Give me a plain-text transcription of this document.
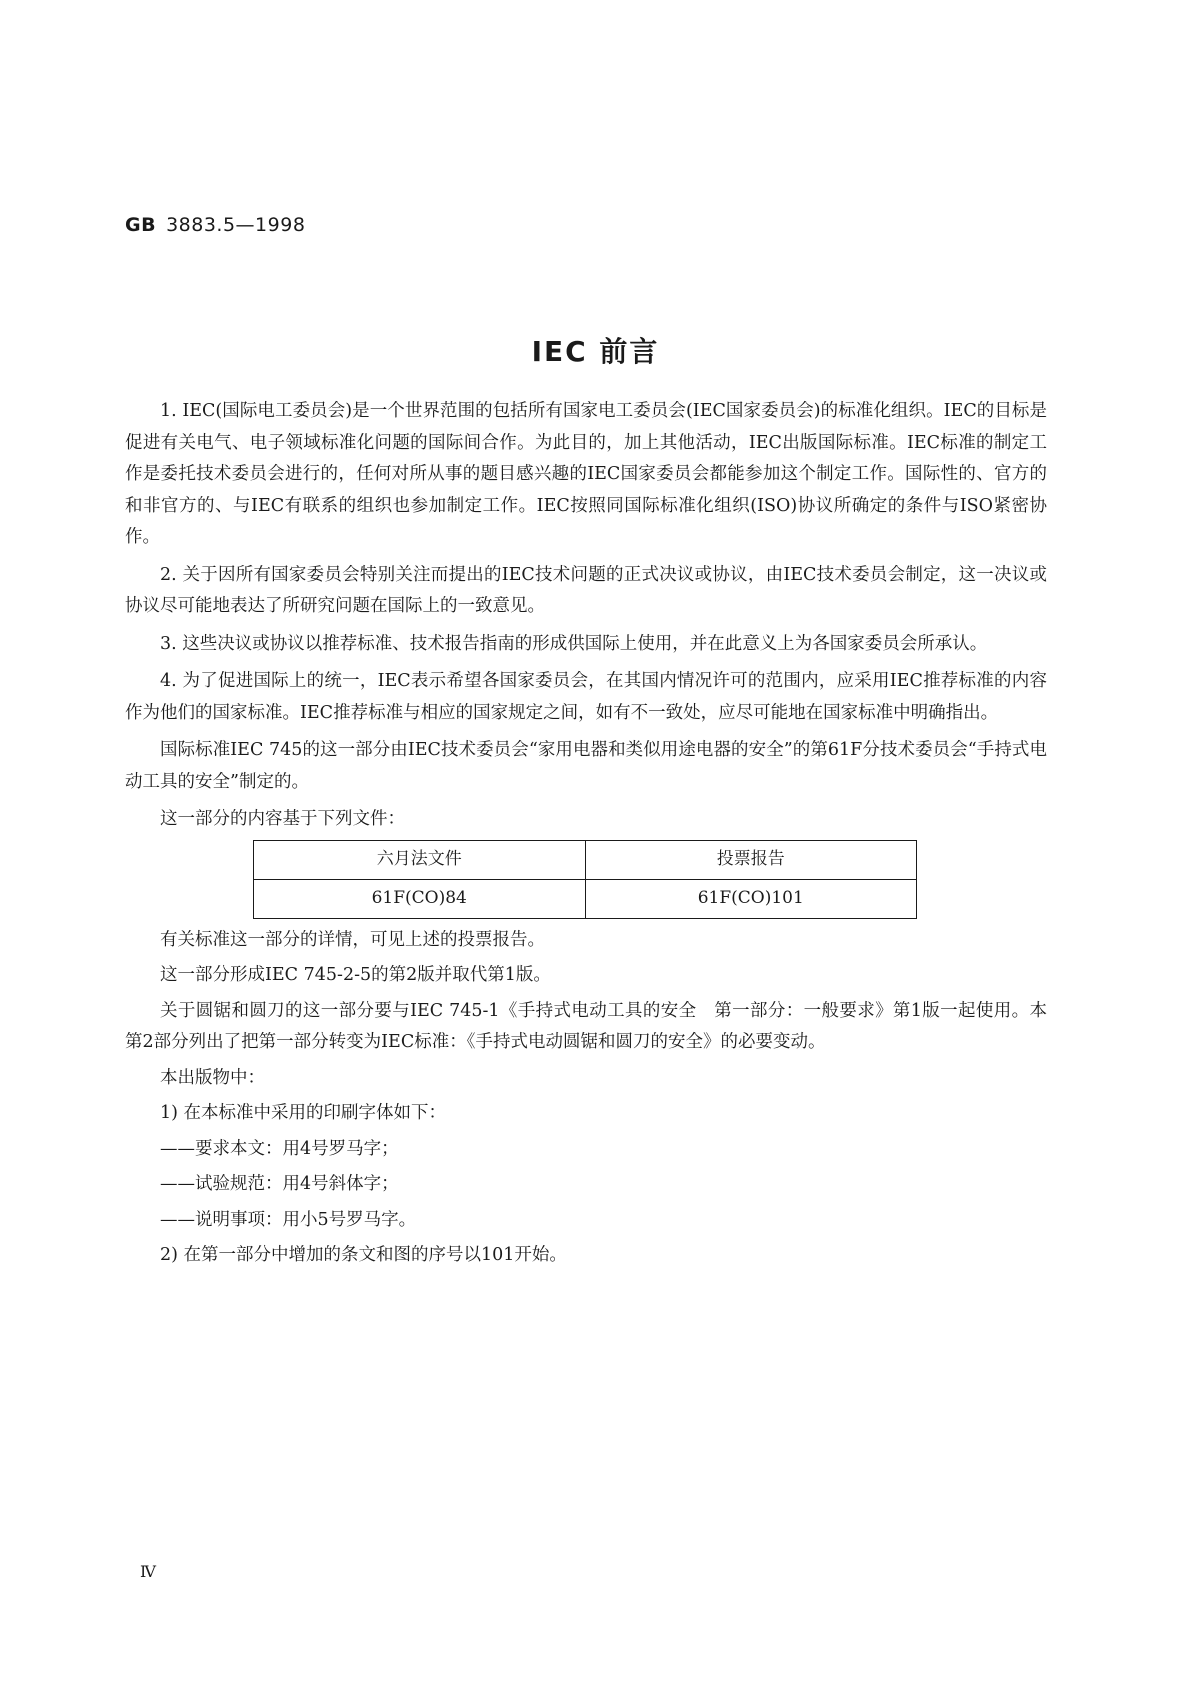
GB 3883.5—1998

IEC 前言

1. IEC(国际电工委员会)是一个世界范围的包括所有国家电工委员会(IEC国家委员会)的标准化组织。IEC的目标是促进有关电气、电子领域标准化问题的国际间合作。为此目的，加上其他活动，IEC出版国际标准。IEC标准的制定工作是委托技术委员会进行的，任何对所从事的题目感兴趣的IEC国家委员会都能参加这个制定工作。国际性的、官方的和非官方的、与IEC有联系的组织也参加制定工作。IEC按照同国际标准化组织(ISO)协议所确定的条件与ISO紧密协作。

2. 关于因所有国家委员会特别关注而提出的IEC技术问题的正式决议或协议，由IEC技术委员会制定，这一决议或协议尽可能地表达了所研究问题在国际上的一致意见。

3. 这些决议或协议以推荐标准、技术报告指南的形成供国际上使用，并在此意义上为各国家委员会所承认。

4. 为了促进国际上的统一，IEC表示希望各国家委员会，在其国内情况许可的范围内，应采用IEC推荐标准的内容作为他们的国家标准。IEC推荐标准与相应的国家规定之间，如有不一致处，应尽可能地在国家标准中明确指出。

国际标准IEC 745的这一部分由IEC技术委员会“家用电器和类似用途电器的安全”的第61F分技术委员会“手持式电动工具的安全”制定的。

这一部分的内容基于下列文件：

六月法文件	投票报告
61F(CO)84	61F(CO)101

有关标准这一部分的详情，可见上述的投票报告。

这一部分形成IEC 745-2-5的第2版并取代第1版。

关于圆锯和圆刀的这一部分要与IEC 745-1《手持式电动工具的安全　第一部分：一般要求》第1版一起使用。本第2部分列出了把第一部分转变为IEC标准：《手持式电动圆锯和圆刀的安全》的必要变动。

本出版物中：

1) 在本标准中采用的印刷字体如下：

——要求本文：用4号罗马字；

——试验规范：用4号斜体字；

——说明事项：用小5号罗马字。

2) 在第一部分中增加的条文和图的序号以101开始。

Ⅳ
